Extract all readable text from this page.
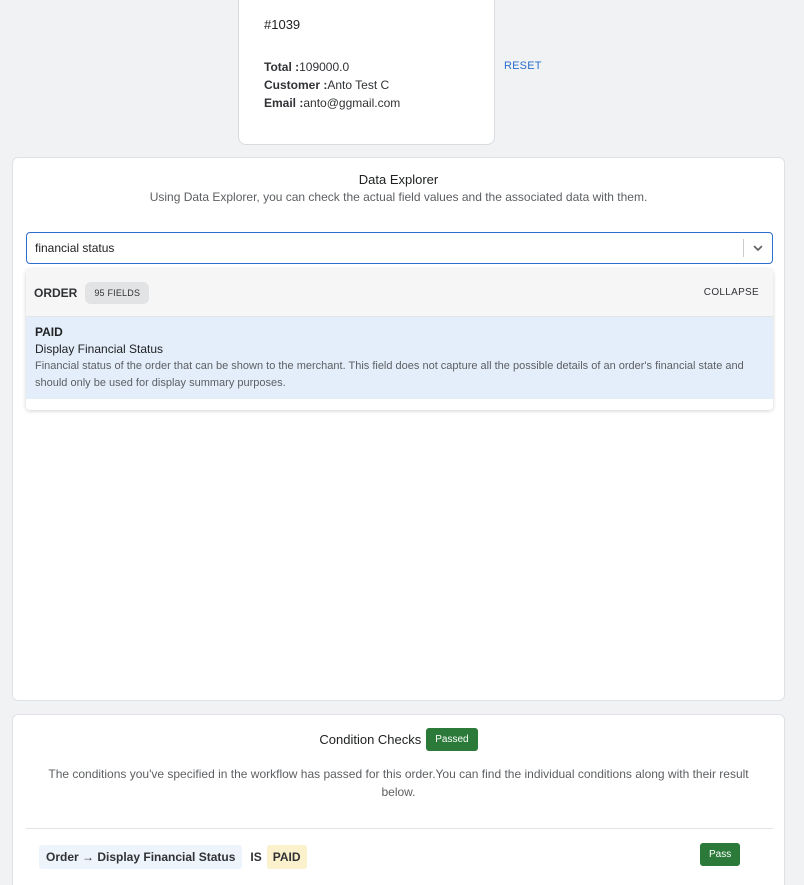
#1039
Total :109000.0
Customer :Anto Test C
Email :anto@ggmail.com
RESET
Data Explorer
Using Data Explorer, you can check the actual field values and the associated data with them.
financial status
ORDER	95 FIELDS	COLLAPSE
PAID
Display Financial Status
Financial status of the order that can be shown to the merchant. This field does not capture all the possible details of an order's financial state and should only be used for display summary purposes.
Condition Checks	Passed
The conditions you've specified in the workflow has passed for this order.You can find the individual conditions along with their result below.
Order → Display Financial Status	IS PAID	Pass
